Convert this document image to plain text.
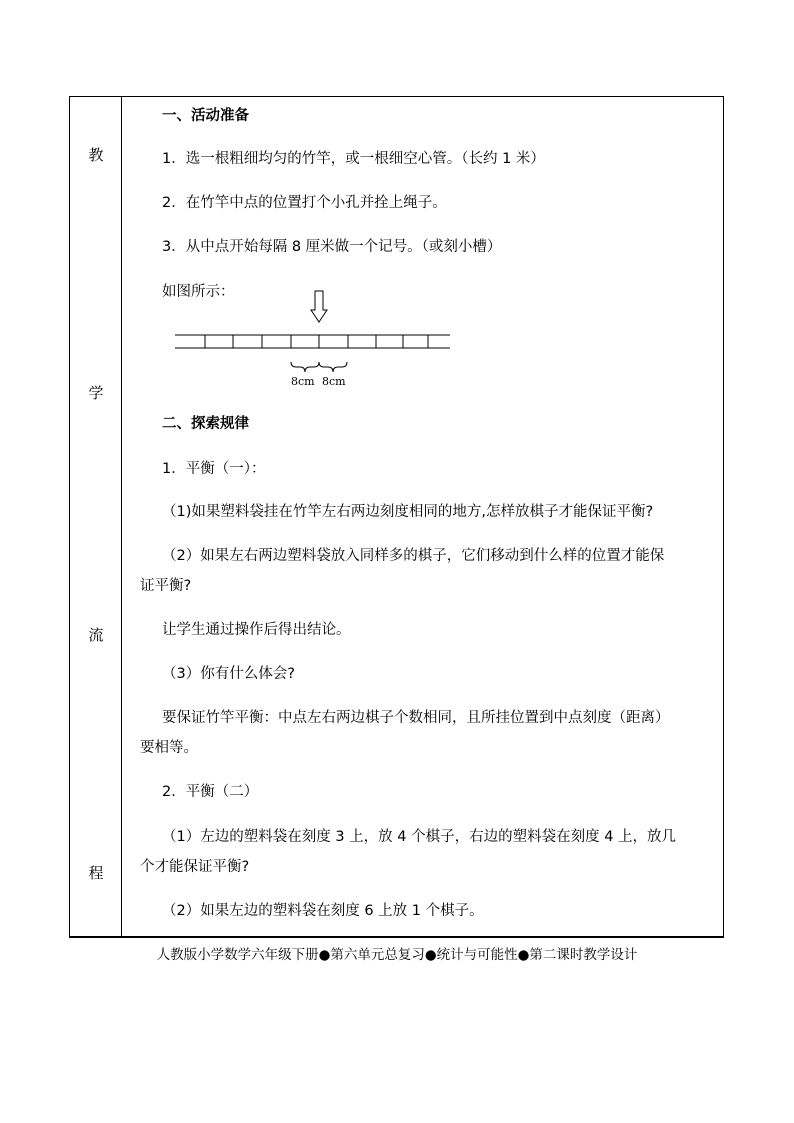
教
学
流
程
一、活动准备
1．选一根粗细均匀的竹竿，或一根细空心管。（长约 1 米）
2．在竹竿中点的位置打个小孔并拴上绳子。
3．从中点开始每隔 8 厘米做一个记号。（或刻小槽）
如图所示：
8cm 8cm
二、探索规律
1．平衡（一）：
（1)如果塑料袋挂在竹竿左右两边刻度相同的地方,怎样放棋子才能保证平衡?
（2）如果左右两边塑料袋放入同样多的棋子，它们移动到什么样的位置才能保
证平衡?
让学生通过操作后得出结论。
（3）你有什么体会?
要保证竹竿平衡：中点左右两边棋子个数相同，且所挂位置到中点刻度（距离）
要相等。
2．平衡（二）
（1）左边的塑料袋在刻度 3 上，放 4 个棋子，右边的塑料袋在刻度 4 上，放几
个才能保证平衡?
（2）如果左边的塑料袋在刻度 6 上放 1 个棋子。
人教版小学数学六年级下册●第六单元总复习●统计与可能性●第二课时教学设计
